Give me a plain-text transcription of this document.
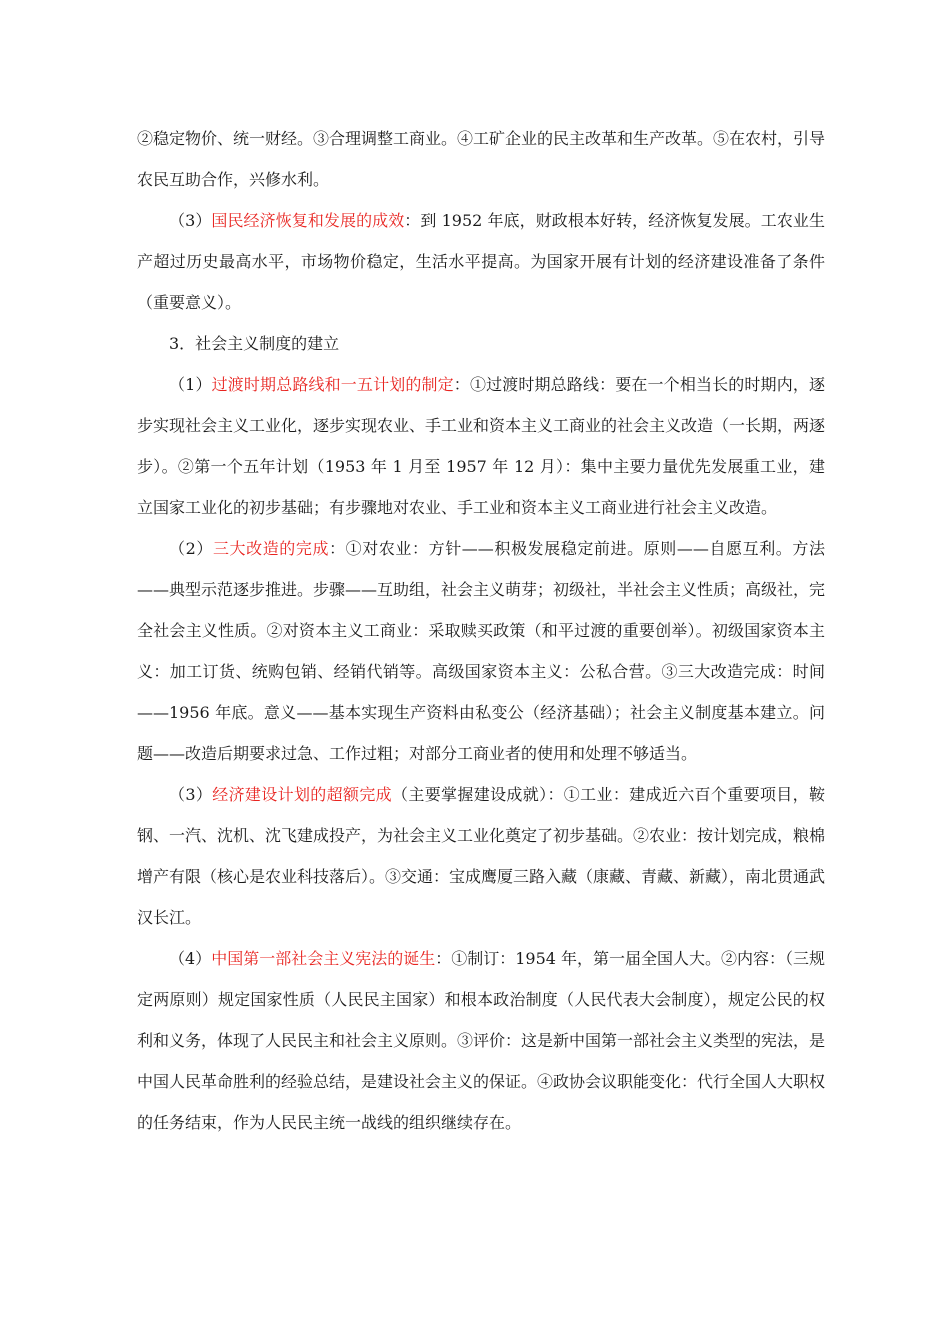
②稳定物价、统一财经。③合理调整工商业。④工矿企业的民主改革和生产改革。⑤在农村，引导农民互助合作，兴修水利。

（3）国民经济恢复和发展的成效：到 1952 年底，财政根本好转，经济恢复发展。工农业生产超过历史最高水平，市场物价稳定，生活水平提高。为国家开展有计划的经济建设准备了条件（重要意义）。

3．社会主义制度的建立

（1）过渡时期总路线和一五计划的制定：①过渡时期总路线：要在一个相当长的时期内，逐步实现社会主义工业化，逐步实现农业、手工业和资本主义工商业的社会主义改造（一长期，两逐步）。②第一个五年计划（1953 年 1 月至 1957 年 12 月）：集中主要力量优先发展重工业，建立国家工业化的初步基础；有步骤地对农业、手工业和资本主义工商业进行社会主义改造。

（2）三大改造的完成：①对农业：方针——积极发展稳定前进。原则——自愿互利。方法——典型示范逐步推进。步骤——互助组，社会主义萌芽；初级社，半社会主义性质；高级社，完全社会主义性质。②对资本主义工商业：采取赎买政策（和平过渡的重要创举）。初级国家资本主义：加工订货、统购包销、经销代销等。高级国家资本主义：公私合营。③三大改造完成：时间——1956 年底。意义——基本实现生产资料由私变公（经济基础）；社会主义制度基本建立。问题——改造后期要求过急、工作过粗；对部分工商业者的使用和处理不够适当。

（3）经济建设计划的超额完成（主要掌握建设成就）：①工业：建成近六百个重要项目，鞍钢、一汽、沈机、沈飞建成投产，为社会主义工业化奠定了初步基础。②农业：按计划完成，粮棉增产有限（核心是农业科技落后）。③交通：宝成鹰厦三路入藏（康藏、青藏、新藏），南北贯通武汉长江。

（4）中国第一部社会主义宪法的诞生：①制订：1954 年，第一届全国人大。②内容：（三规定两原则）规定国家性质（人民民主国家）和根本政治制度（人民代表大会制度），规定公民的权利和义务，体现了人民民主和社会主义原则。③评价：这是新中国第一部社会主义类型的宪法，是中国人民革命胜利的经验总结，是建设社会主义的保证。④政协会议职能变化：代行全国人大职权的任务结束，作为人民民主统一战线的组织继续存在。
